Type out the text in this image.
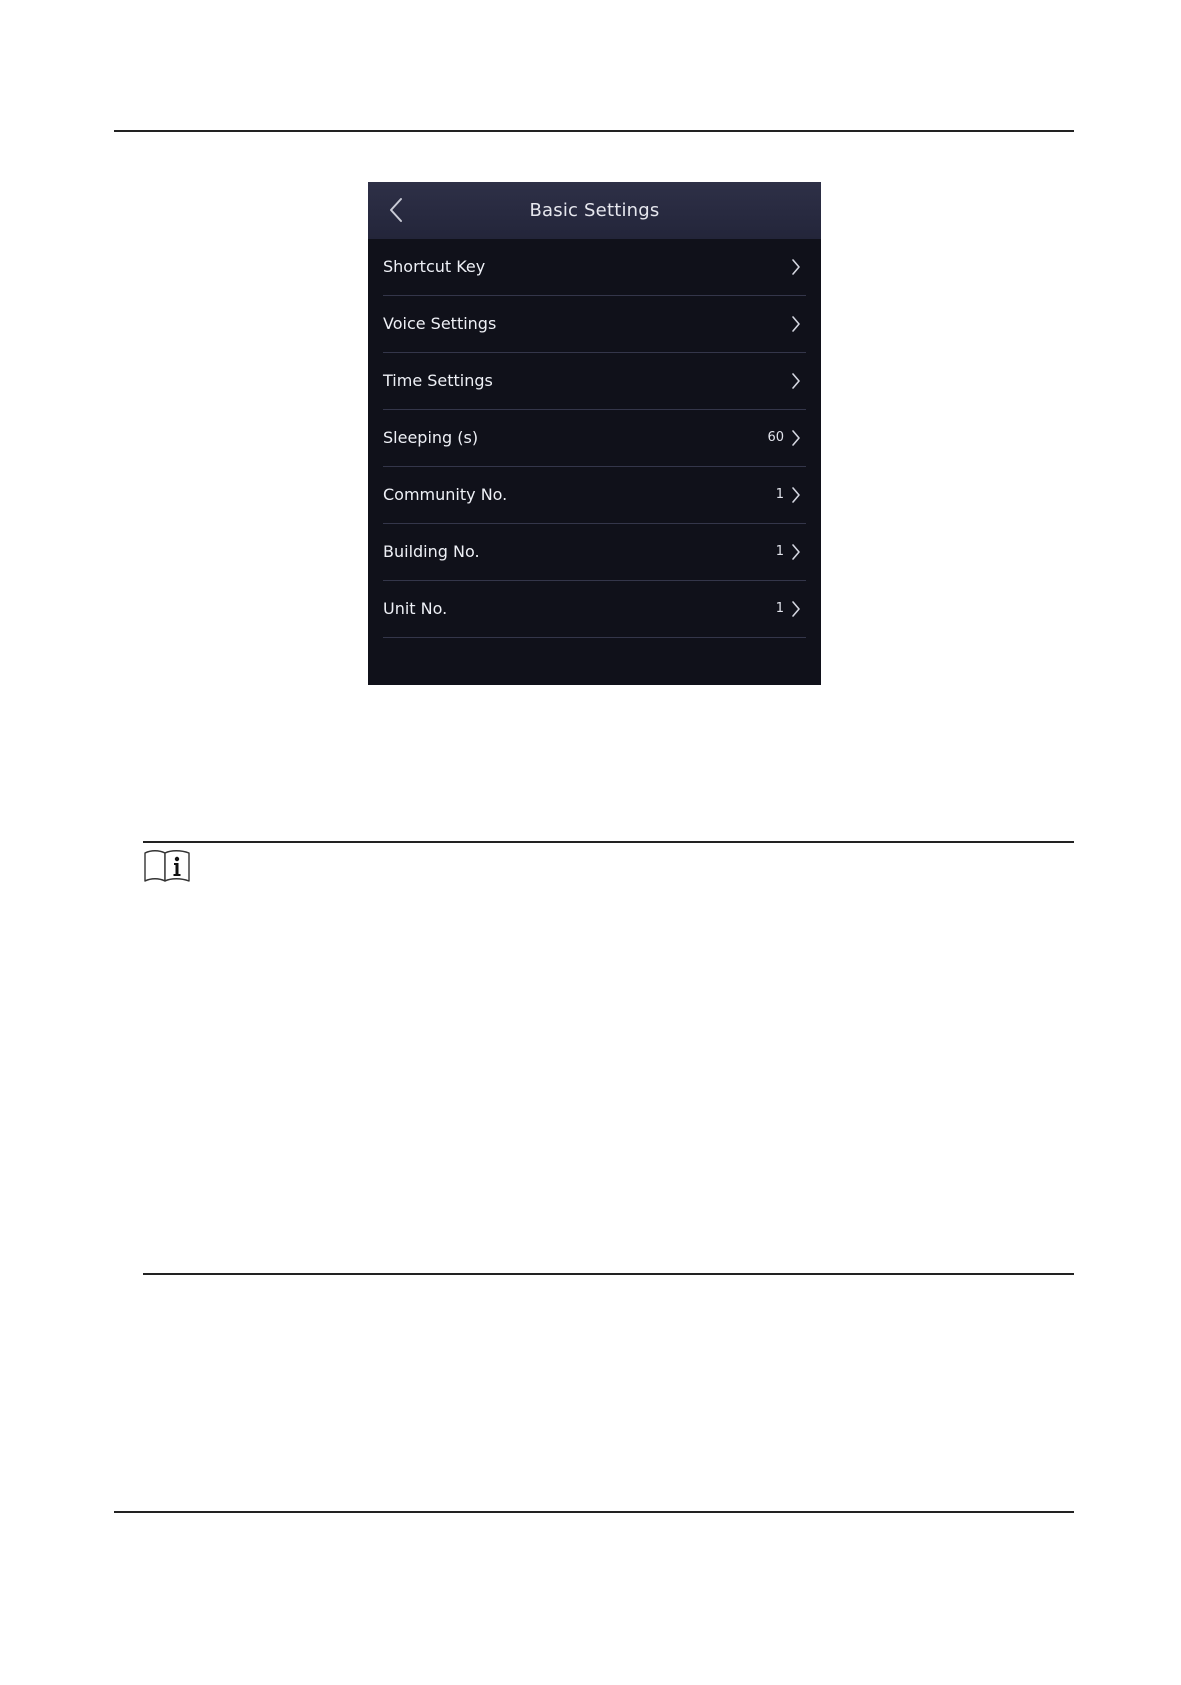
Basic Settings
Shortcut Key
Voice Settings
Time Settings
Sleeping (s)	60
Community No.	1
Building No.	1
Unit No.	1
